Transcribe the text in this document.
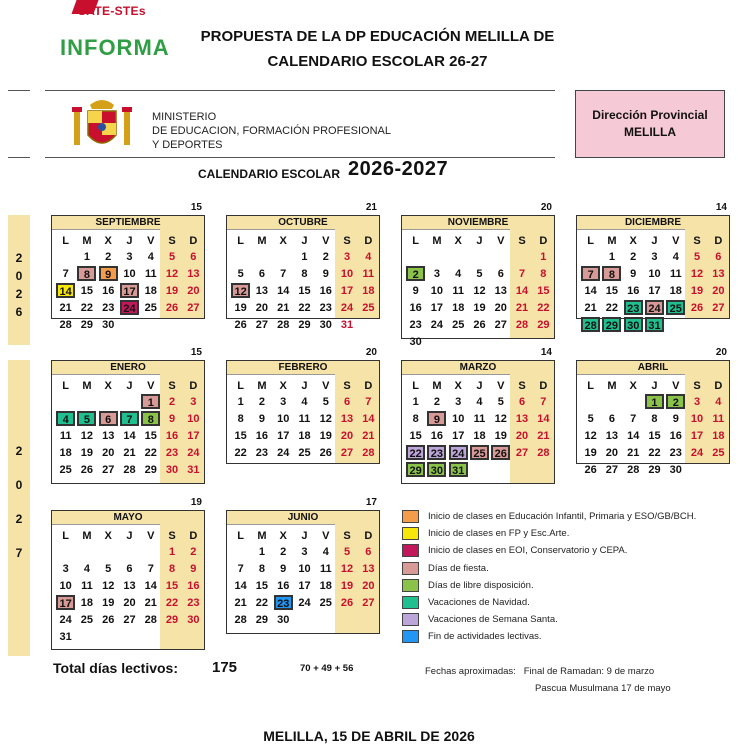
SATE-STEs
INFORMA	PROPUESTA DE LA DP EDUCACIÓN MELILLA DE
CALENDARIO ESCOLAR 26-27
MINISTERIO
DE EDUCACION, FORMACIÓN PROFESIONAL
Y DEPORTES
Dirección Provincial
MELILLA
CALENDARIO ESCOLAR 2026-2027
2
0
2
6
2
0
2
7
SEPTIEMBRE
15
L	M	X	J	V	S	D
	1	2	3	4	5	6
7	8	9	10	11	12	13
14	15	16	17	18	19	20
21	22	23	24	25	26	27
28	29	30				
OCTUBRE
21
L	M	X	J	V	S	D
			1	2	3	4
5	6	7	8	9	10	11
12	13	14	15	16	17	18
19	20	21	22	23	24	25
26	27	28	29	30	31	
NOVIEMBRE
20
L	M	X	J	V	S	D
						1
2	3	4	5	6	7	8
9	10	11	12	13	14	15
16	17	18	19	20	21	22
23	24	25	26	27	28	29
30						
DICIEMBRE
14
L	M	X	J	V	S	D
	1	2	3	4	5	6
7	8	9	10	11	12	13
14	15	16	17	18	19	20
21	22	23	24	25	26	27
28	29	30	31			
ENERO
15
L	M	X	J	V	S	D
				1	2	3
4	5	6	7	8	9	10
11	12	13	14	15	16	17
18	19	20	21	22	23	24
25	26	27	28	29	30	31
FEBRERO
20
L	M	X	J	V	S	D
1	2	3	4	5	6	7
8	9	10	11	12	13	14
15	16	17	18	19	20	21
22	23	24	25	26	27	28
MARZO
14
L	M	X	J	V	S	D
1	2	3	4	5	6	7
8	9	10	11	12	13	14
15	16	17	18	19	20	21
22	23	24	25	26	27	28
29	30	31				
ABRIL
20
L	M	X	J	V	S	D
			1	2	3	4
5	6	7	8	9	10	11
12	13	14	15	16	17	18
19	20	21	22	23	24	25
26	27	28	29	30		
MAYO
19
L	M	X	J	V	S	D
					1	2
3	4	5	6	7	8	9
10	11	12	13	14	15	16
17	18	19	20	21	22	23
24	25	26	27	28	29	30
31						
JUNIO
17
L	M	X	J	V	S	D
	1	2	3	4	5	6
7	8	9	10	11	12	13
14	15	16	17	18	19	20
21	22	23	24	25	26	27
28	29	30				
Inicio de clases en Educación Infantil, Primaria y ESO/GB/BCH.
Inicio de clases en FP y Esc.Arte.
Inicio de clases en EOI, Conservatorio y CEPA.
Días de fiesta.
Días de libre disposición.
Vacaciones de Navidad.
Vacaciones de Semana Santa.
Fin de actividades lectivas.
Total días lectivos: 175	70 + 49 + 56	Fechas aproximadas: Final de Ramadan: 9 de marzo
Pascua Musulmana 17 de mayo
MELILLA, 15 DE ABRIL DE 2026
